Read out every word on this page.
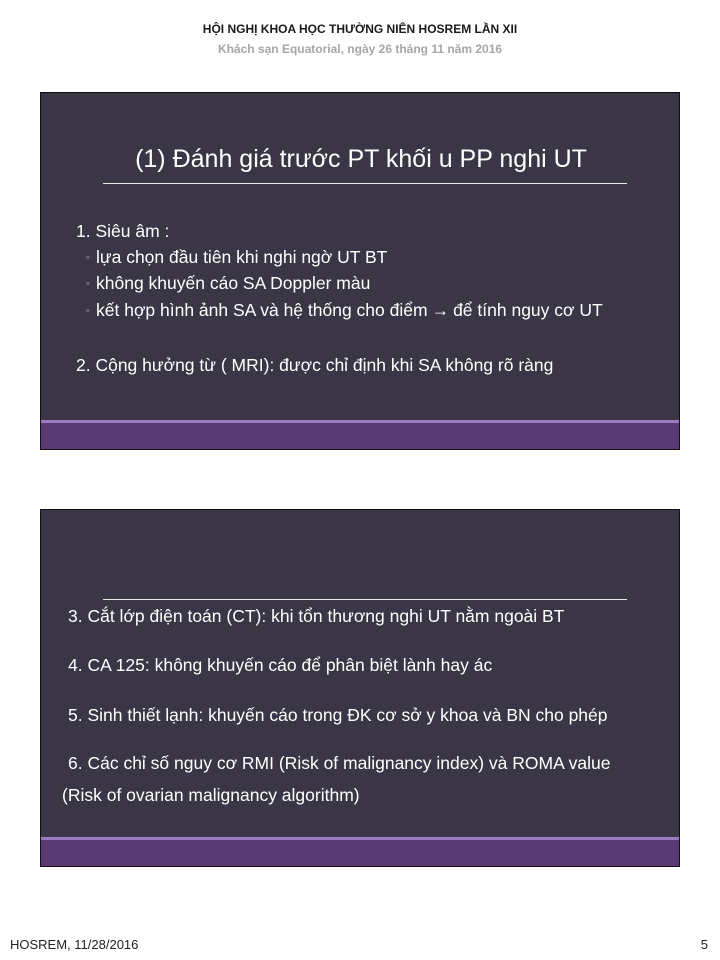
HỘI NGHỊ KHOA HỌC THƯỜNG NIÊN HOSREM LẦN XII
Khách sạn Equatorial, ngày 26 tháng 11 năm 2016
(1) Đánh giá trước PT khối u PP nghi UT
1. Siêu âm :
◦ lựa chọn đầu tiên khi nghi ngờ UT BT
◦ không khuyến cáo SA Doppler màu
◦ kết hợp hình ảnh SA và hệ thống cho điểm → để tính nguy cơ UT
2. Cộng hưởng từ ( MRI): được chỉ định khi SA không rõ ràng
3. Cắt lớp điện toán (CT): khi tổn thương nghi UT nằm ngoài BT
4. CA 125: không khuyến cáo để phân biệt lành hay ác
5. Sinh thiết lạnh: khuyến cáo trong ĐK cơ sở y khoa và BN cho phép
6. Các chỉ số nguy cơ RMI (Risk of malignancy index) và ROMA value
(Risk of ovarian malignancy algorithm)
HOSREM, 11/28/2016	5
